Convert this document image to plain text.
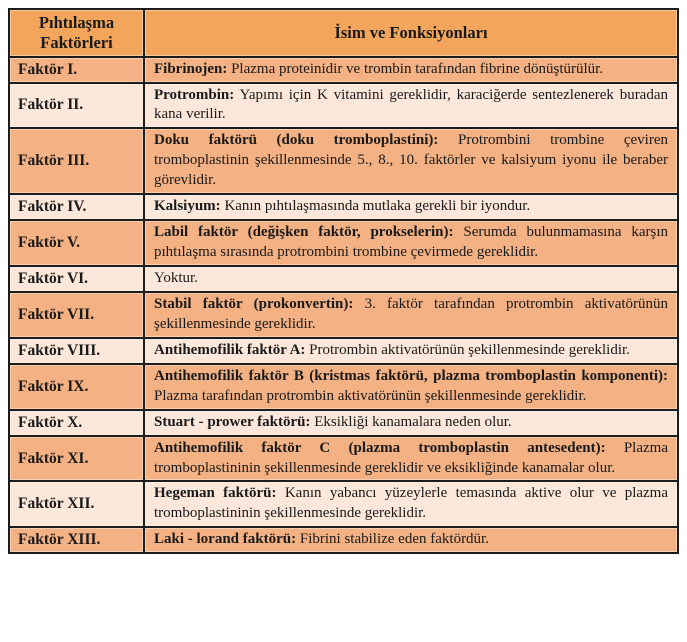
Pıhtılaşma Faktörleri	İsim ve Fonksiyonları
Faktör I.	Fibrinojen: Plazma proteinidir ve trombin tarafından fibrine dönüştürülür.
Faktör II.	Protrombin: Yapımı için K vitamini gereklidir, karaciğerde sentezlenerek buradan kana verilir.
Faktör III.	Doku faktörü (doku tromboplastini): Protrombini trombine çeviren tromboplastinin şekillenmesinde 5., 8., 10. faktörler ve kalsiyum iyonu ile beraber görevlidir.
Faktör IV.	Kalsiyum: Kanın pıhtılaşmasında mutlaka gerekli bir iyondur.
Faktör V.	Labil faktör (değişken faktör, prokselerin): Serumda bulunmamasına karşın pıhtılaşma sırasında protrombini trombine çevirmede gereklidir.
Faktör VI.	Yoktur.
Faktör VII.	Stabil faktör (prokonvertin): 3. faktör tarafından protrombin aktivatörünün şekillenmesinde gereklidir.
Faktör VIII.	Antihemofilik faktör A: Protrombin aktivatörünün şekillenmesinde gereklidir.
Faktör IX.	Antihemofilik faktör B (kristmas faktörü, plazma tromboplastin komponenti): Plazma tarafından protrombin aktivatörünün şekillenmesinde gereklidir.
Faktör X.	Stuart - prower faktörü: Eksikliği kanamalara neden olur.
Faktör XI.	Antihemofilik faktör C (plazma tromboplastin antesedent): Plazma tromboplastininin şekillenmesinde gereklidir ve eksikliğinde kanamalar olur.
Faktör XII.	Hegeman faktörü: Kanın yabancı yüzeylerle temasında aktive olur ve plazma tromboplastininin şekillenmesinde gereklidir.
Faktör XIII.	Laki - lorand faktörü: Fibrini stabilize eden faktördür.
